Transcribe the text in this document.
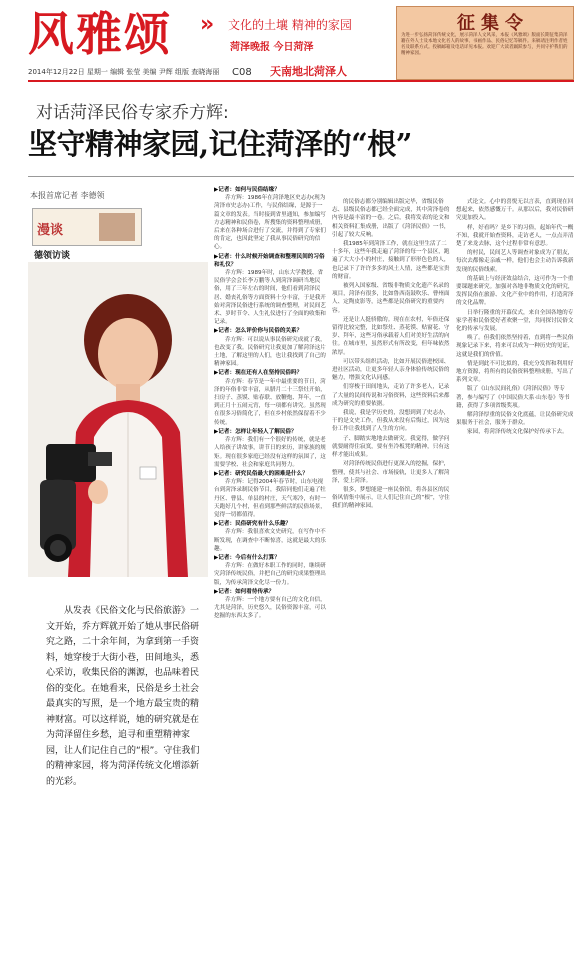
风雅颂 » 文化的土壤 精神的家园
菏泽晚报 今日菏泽
2014年12月22日 星期一 编辑 张莹 美编 尹辉 组版 查晓海丽 C08 天南地北菏泽人
征集令
为进一步弘扬菏泽传统文化，展示菏泽人文风采，本报《风雅颂》版面长期征集菏泽籍在外人士及本地文化名人的故事、书画作品、民俗记忆等稿件。来稿请注明作者姓名及联系方式。投稿邮箱及电话详见本报。欢迎广大读者踊跃参与，共同守护我们的精神家园。
对话菏泽民俗专家乔方辉:
坚守精神家园,记住菏泽的“根”
本报首席记者 李德领
漫谈
德领访谈
从发表《民俗文化与民俗旅游》一文开始，乔方辉就开始了她从事民俗研究之路，二十余年间，为拿到第一手资料，她穿梭于大街小巷，田间地头，悉心采访，收集民俗的渊源，也品味着民俗的变化。在她看来，民俗是乡土社会最真实的写照，是一个地方最宝贵的精神财富。可以这样说，她的研究就是在为菏泽留住乡愁，追寻和重塑精神家园，让人们记住自己的“根”。守住我们的精神家园，将为菏泽传统文化增添新的光彩。
▶记者：如何与民俗结缘？
乔方辉：1986年在菏泽地区史志办(现为菏泽市史志办)工作，与民俗结缘，是源于一篇文章的发表。当时接到省里通知，参加编写方志精神和民俗卷，所搜集的资料整理成册，后来在各种场合进行了交流，并得到了专家们的肯定，也因此坚定了我从事民俗研究的信心。
▶记者：什么时候开始调查和整理民间的习俗和礼仪？
乔方辉：1989年时，山东大学教授、省民俗学会会长李万鹏等人到菏泽调研当地民俗，用了三年左右的时间，他们看到菏泽民居、婚丧礼俗等方面资料十分丰富，于是我开始对菏泽民俗进行系统的调查整理，对民间艺术、岁时节令、人生礼仪进行了全面的收集和记录。
▶记者：怎么评价你与民俗的关系？
乔方辉：可以说从事民俗研究成就了我，也改变了我。民俗研究让我更加了解菏泽这片土地，了解这里的人们，也让我找到了自己的精神家园。
▶记者：现在还有人在坚持民俗吗？
乔方辉：春节是一年中最重要的节日，菏泽的年俗非常丰富，从腊月二十三祭灶开始，扫房子、蒸馍、贴春联、放鞭炮、拜年，一直到正月十五闹元宵，每一项都有讲究。虽然现在很多习俗简化了，但在乡村依然保留着不少传统。
▶记者：怎样让年轻人了解民俗？
乔方辉：我们有一个很好的传统，就是老人给孩子讲故事，讲节日的来历，讲家族的规矩。现在很多家庭已经没有这样的氛围了，这需要学校、社会和家庭共同努力。
▶记者：研究民俗最大的困难是什么？
乔方辉：记得2004年春节时，山东电视台到菏泽录制民俗节目，我陪同他们走遍了牡丹区、曹县、单县的村庄，天气寒冷，有时一天跑好几个村，但看到那些鲜活的民俗场景，觉得一切都值得。
▶记者：民俗研究有什么乐趣？
乔方辉：我很喜欢文史研究，在写作中不断发现，在调查中不断惊喜，这就是最大的乐趣。
▶记者：今后有什么打算？
乔方辉：在做好本职工作的同时，继续研究菏泽传统民俗，并把自己的研究成果整理出版，为传承菏泽文化尽一份力。
▶记者：如何看待传承？
乔方辉：一个地方要有自己的文化自信，尤其是菏泽，历史悠久，民俗资源丰富，可以挖掘的东西太多了。
的民俗志都分别编辑出版完毕，省级民俗志、县级民俗志都已经全面完成，其中菏泽卷的内容是最丰富的一卷。之后，我将发表的论文和相关资料汇集成册，出版了《菏泽民俗》一书，引起了较大反响。
我1985年到菏泽工作，就在这里生活了二十多年，这些年我走遍了菏泽的每一个县区，跑遍了大大小小的村庄，接触到了形形色色的人，也记录下了许许多多的风土人情，这些都是宝贵的财富。
被列入国家级、省级非物质文化遗产名录的项目，菏泽有很多，比如鲁西南鼓吹乐、曹州面人、定陶皮影等，这些都是民俗研究的重要内容。
还是让人挺骄傲的。现在在农村，年俗还保留得比较完整，比如祭灶、蒸花馍、贴窗花、守岁、拜年，这些习俗承载着人们对美好生活的向往。在城市里，虽然形式有所改变，但年味依然浓厚。
可以带头组织活动，比如开展民俗进校园、进社区活动，让更多年轻人亲身体验传统民俗的魅力，增强文化认同感。
们穿梭于田间地头，走访了许多老人，记录了大量的民间传说和习俗资料，这些资料后来都成为研究的重要依据。
我说，我是学历史的，没想到到了史志办，干的是文史工作，但我从来没有后悔过，因为这份工作让我找到了人生的方向。
子、脚踏实地地去做研究。我觉得，做学问就要耐得住寂寞，要有坐冷板凳的精神，只有这样才能出成果。
对菏泽传统民俗进行更深入的挖掘，保护，整理，使其与社会、市场接轨，让更多人了解菏泽，爱上菏泽。
很多，梦想能建一座民俗馆，将各县区的民俗风情集中展示，让人们记住自己的“根”，守住我们的精神家园。
式论文。心中的喜悦无以言表，直到现在回想起来，依然感慨万千。从那以后，我对民俗研究更加投入。
样，好看吗？是乡下的习俗，起始年代一概不知，我就开始查资料，走访老人，一点点弄清楚了来龙去脉，这个过程非常有意思。
的村民，民间艺人等调查对象成为了朋友，每次去都像走亲戚一样，他们也会主动告诉我新发现的民俗线索。
的基础上与经济效益结合，这可作为一个重要课题来研究。加强对各地非物质文化的研究，发挥民俗在旅游、文化产业中的作用，打造菏泽的文化品牌。
日举行隆重的开幕仪式，来自全国各地的专家学者和民俗爱好者欢聚一堂，共同探讨民俗文化的传承与发展。
唤了。但我们依然坚持着，直到将一些民俗现象记录下来，将来可以成为一种历史的见证，这就是我们的价值。
情是到此不可比拟的，我充分发挥和利用好地方资源，将所有的民俗资料整理成册，写出了系列文章。
版了《山东民间礼俗》《菏泽民俗》等专著，参与编写了《中国民俗大系·山东卷》等书籍，获得了多项省级奖项。
解菏泽厚重的民俗文化底蕴，让民俗研究成果服务于社会，服务于群众。
家园，将菏泽传统文化保护好传承下去。
